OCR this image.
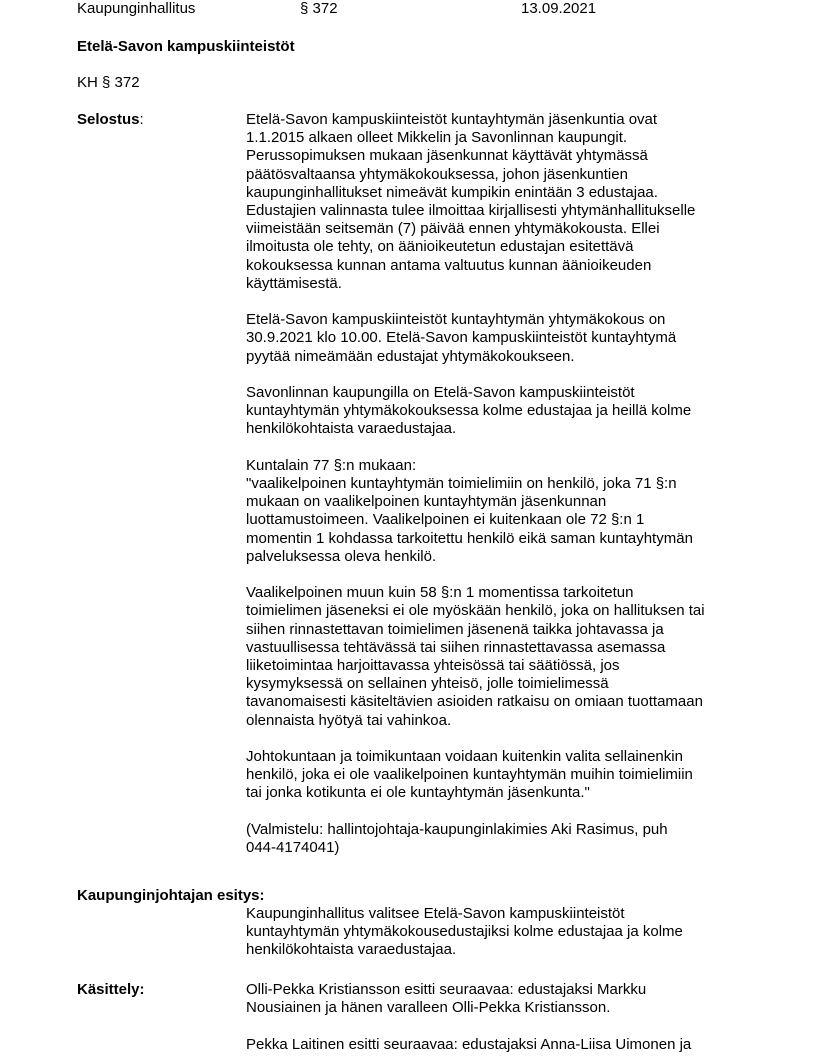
Kaupunginhallitus	§ 372	13.09.2021
Etelä-Savon kampuskiinteistöt
KH § 372
Selostus:	Etelä-Savon kampuskiinteistöt kuntayhtymän jäsenkuntia ovat
1.1.2015 alkaen olleet Mikkelin ja Savonlinnan kaupungit.
Perussopimuksen mukaan jäsenkunnat käyttävät yhtymässä
päätösvaltaansa yhtymäkokouksessa, johon jäsenkuntien
kaupunginhallitukset nimeävät kumpikin enintään 3 edustajaa.
Edustajien valinnasta tulee ilmoittaa kirjallisesti yhtymänhallitukselle
viimeistään seitsemän (7) päivää ennen yhtymäkokousta. Ellei
ilmoitusta ole tehty, on äänioikeutetun edustajan esitettävä
kokouksessa kunnan antama valtuutus kunnan äänioikeuden
käyttämisestä.

Etelä-Savon kampuskiinteistöt kuntayhtymän yhtymäkokous on
30.9.2021 klo 10.00. Etelä-Savon kampuskiinteistöt kuntayhtymä
pyytää nimeämään edustajat yhtymäkokoukseen.

Savonlinnan kaupungilla on Etelä-Savon kampuskiinteistöt
kuntayhtymän yhtymäkokouksessa kolme edustajaa ja heillä kolme
henkilökohtaista varaedustajaa.

Kuntalain 77 §:n mukaan:
"vaalikelpoinen kuntayhtymän toimielimiin on henkilö, joka 71 §:n
mukaan on vaalikelpoinen kuntayhtymän jäsenkunnan
luottamustoimeen. Vaalikelpoinen ei kuitenkaan ole 72 §:n 1
momentin 1 kohdassa tarkoitettu henkilö eikä saman kuntayhtymän
palveluksessa oleva henkilö.

Vaalikelpoinen muun kuin 58 §:n 1 momentissa tarkoitetun
toimielimen jäseneksi ei ole myöskään henkilö, joka on hallituksen tai
siihen rinnastettavan toimielimen jäsenenä taikka johtavassa ja
vastuullisessa tehtävässä tai siihen rinnastettavassa asemassa
liiketoimintaa harjoittavassa yhteisössä tai säätiössä, jos
kysymyksessä on sellainen yhteisö, jolle toimielimessä
tavanomaisesti käsiteltävien asioiden ratkaisu on omiaan tuottamaan
olennaista hyötyä tai vahinkoa.

Johtokuntaan ja toimikuntaan voidaan kuitenkin valita sellainenkin
henkilö, joka ei ole vaalikelpoinen kuntayhtymän muihin toimielimiin
tai jonka kotikunta ei ole kuntayhtymän jäsenkunta."

(Valmistelu: hallintojohtaja-kaupunginlakimies Aki Rasimus, puh
044-4174041)

Kaupunginjohtajan esitys:

Kaupunginhallitus valitsee Etelä-Savon kampuskiinteistöt
kuntayhtymän yhtymäkokousedustajiksi kolme edustajaa ja kolme
henkilökohtaista varaedustajaa.

Käsittely:	Olli-Pekka Kristiansson esitti seuraavaa: edustajaksi Markku
Nousiainen ja hänen varalleen Olli-Pekka Kristiansson.

Pekka Laitinen esitti seuraavaa: edustajaksi Anna-Liisa Uimonen ja
